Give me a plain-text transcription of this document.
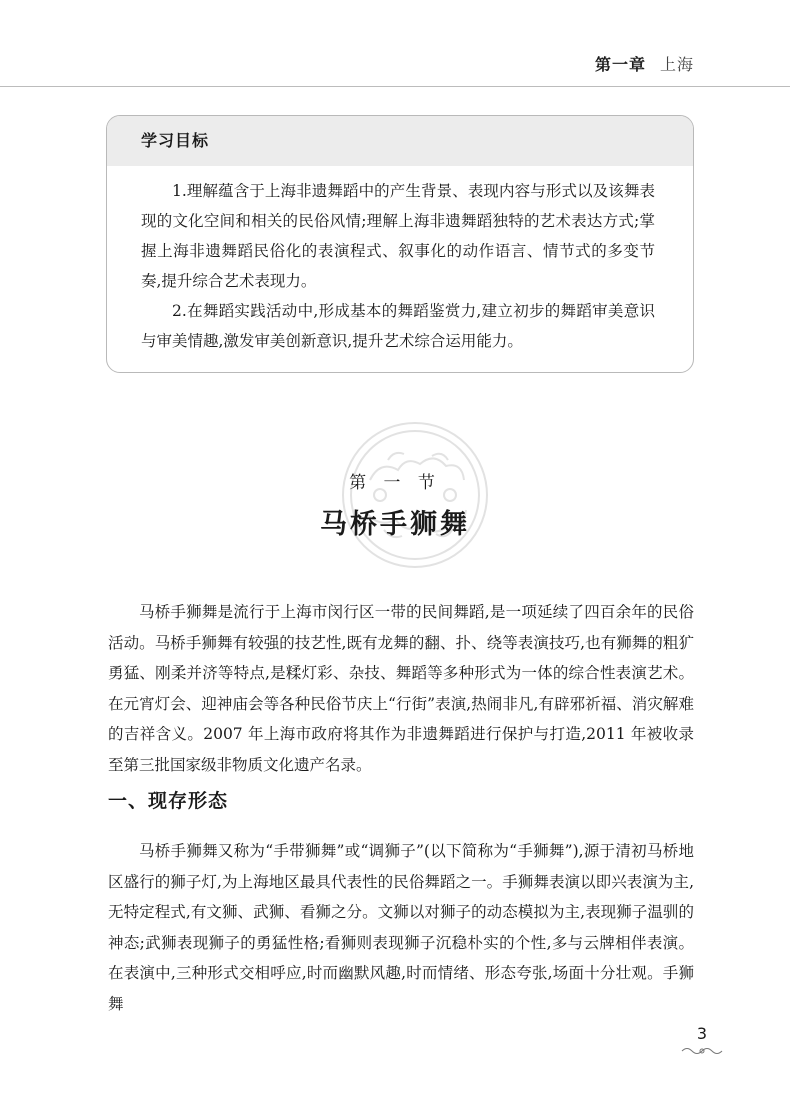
第一章 上海
学习目标

1.理解蕴含于上海非遗舞蹈中的产生背景、表现内容与形式以及该舞表现的文化空间和相关的民俗风情;理解上海非遗舞蹈独特的艺术表达方式;掌握上海非遗舞蹈民俗化的表演程式、叙事化的动作语言、情节式的多变节奏,提升综合艺术表现力。

2.在舞蹈实践活动中,形成基本的舞蹈鉴赏力,建立初步的舞蹈审美意识与审美情趣,激发审美创新意识,提升艺术综合运用能力。

第 一 节
马桥手狮舞

马桥手狮舞是流行于上海市闵行区一带的民间舞蹈,是一项延续了四百余年的民俗活动。马桥手狮舞有较强的技艺性,既有龙舞的翻、扑、绕等表演技巧,也有狮舞的粗犷勇猛、刚柔并济等特点,是糅灯彩、杂技、舞蹈等多种形式为一体的综合性表演艺术。在元宵灯会、迎神庙会等各种民俗节庆上“行街”表演,热闹非凡,有辟邪祈福、消灾解难的吉祥含义。2007 年上海市政府将其作为非遗舞蹈进行保护与打造,2011 年被收录至第三批国家级非物质文化遗产名录。

一、现存形态

马桥手狮舞又称为“手带狮舞”或“调狮子”(以下简称为“手狮舞”),源于清初马桥地区盛行的狮子灯,为上海地区最具代表性的民俗舞蹈之一。手狮舞表演以即兴表演为主,无特定程式,有文狮、武狮、看狮之分。文狮以对狮子的动态模拟为主,表现狮子温驯的神态;武狮表现狮子的勇猛性格;看狮则表现狮子沉稳朴实的个性,多与云牌相伴表演。在表演中,三种形式交相呼应,时而幽默风趣,时而情绪、形态夸张,场面十分壮观。手狮舞

3
